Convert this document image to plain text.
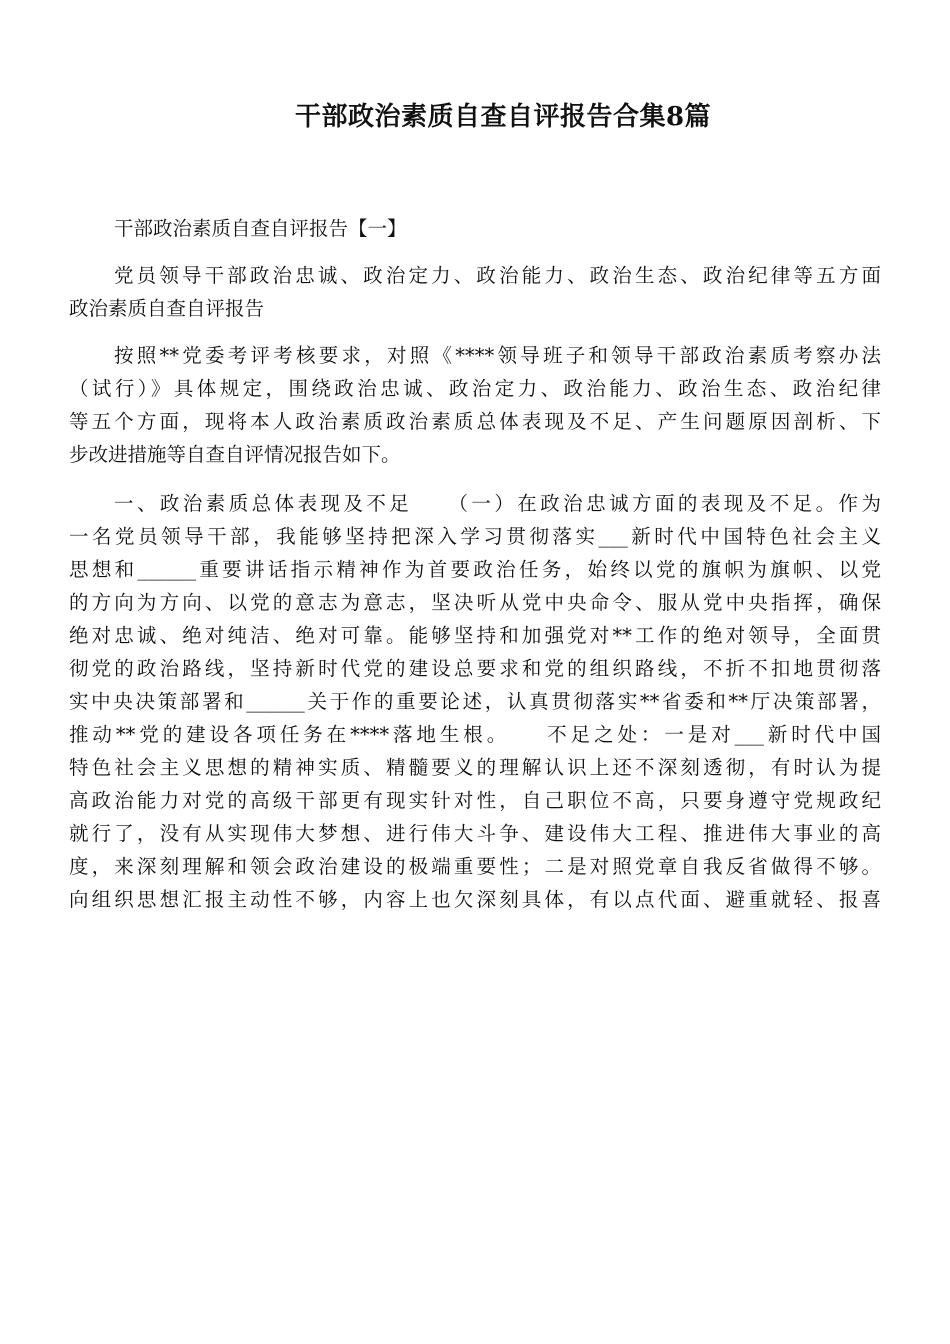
干部政治素质自查自评报告合集8篇
干部政治素质自查自评报告【一】
党员领导干部政治忠诚、政治定力、政治能力、政治生态、政治纪律等五方面
政治素质自查自评报告
按照**党委考评考核要求，对照《****领导班子和领导干部政治素质考察办法
（试行）》具体规定，围绕政治忠诚、政治定力、政治能力、政治生态、政治纪律
等五个方面，现将本人政治素质政治素质总体表现及不足、产生问题原因剖析、下
步改进措施等自查自评情况报告如下。
一、政治素质总体表现及不足　　（一）在政治忠诚方面的表现及不足。作为
一名党员领导干部，我能够坚持把深入学习贯彻落实___新时代中国特色社会主义
思想和______重要讲话指示精神作为首要政治任务，始终以党的旗帜为旗帜、以党
的方向为方向、以党的意志为意志，坚决听从党中央命令、服从党中央指挥，确保
绝对忠诚、绝对纯洁、绝对可靠。能够坚持和加强党对**工作的绝对领导，全面贯
彻党的政治路线，坚持新时代党的建设总要求和党的组织路线，不折不扣地贯彻落
实中央决策部署和______关于作的重要论述，认真贯彻落实**省委和**厅决策部署，
推动**党的建设各项任务在****落地生根。　　不足之处：一是对___新时代中国
特色社会主义思想的精神实质、精髓要义的理解认识上还不深刻透彻，有时认为提
高政治能力对党的高级干部更有现实针对性，自己职位不高，只要身遵守党规政纪
就行了，没有从实现伟大梦想、进行伟大斗争、建设伟大工程、推进伟大事业的高
度，来深刻理解和领会政治建设的极端重要性；二是对照党章自我反省做得不够。
向组织思想汇报主动性不够，内容上也欠深刻具体，有以点代面、避重就轻、报喜
